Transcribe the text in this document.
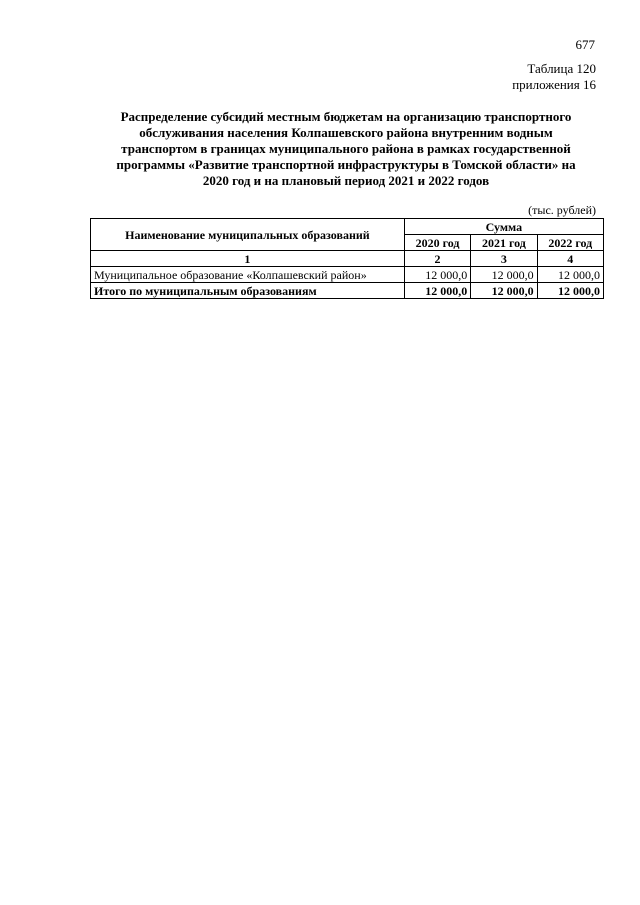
677
Таблица 120
приложения 16
Распределение субсидий местным бюджетам на организацию транспортного
обслуживания населения Колпашевского района внутренним водным
транспортом в границах муниципального района в рамках государственной
программы «Развитие транспортной инфраструктуры в Томской области» на
2020 год и на плановый период 2021 и 2022 годов
(тыс. рублей)
Наименование муниципальных образований	Сумма		
	2020 год	2021 год	2022 год
1	2	3	4
Муниципальное образование «Колпашевский район»	12 000,0	12 000,0	12 000,0
Итого по муниципальным образованиям	12 000,0	12 000,0	12 000,0
